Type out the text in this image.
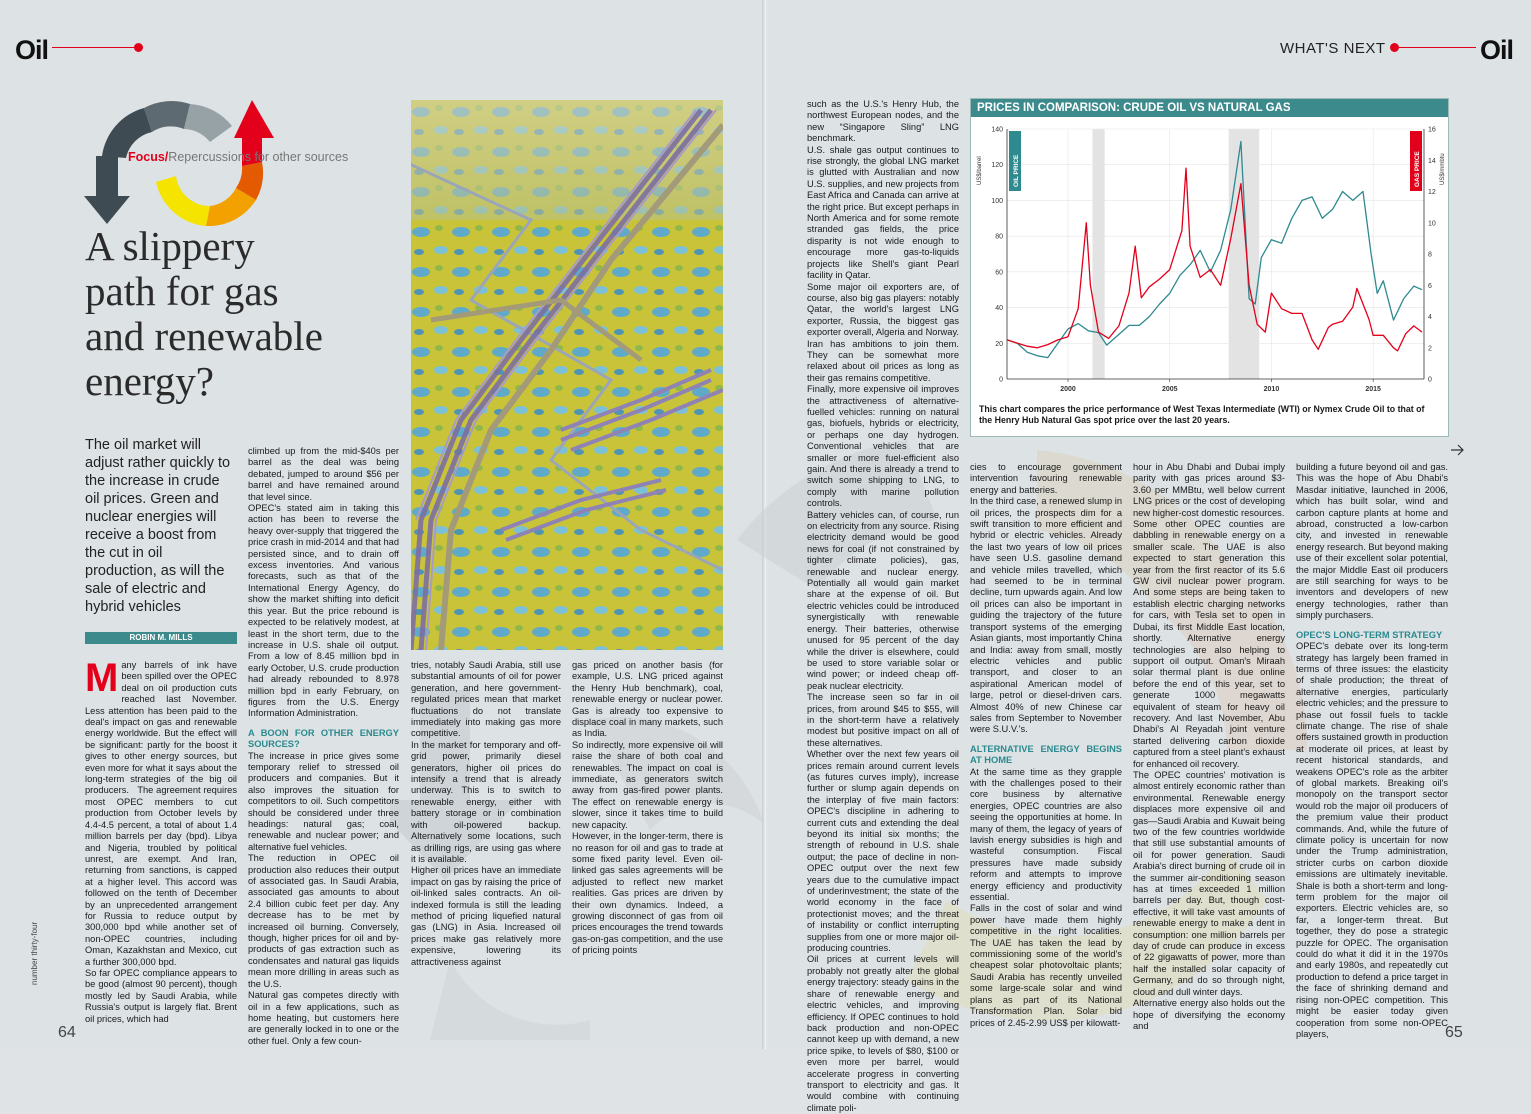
Oil
Focus/Repercussions for other sources
A slippery path for gas and renewable energy?

The oil market will adjust rather quickly to the increase in crude oil prices. Green and nuclear energies will receive a boost from the cut in oil production, as will the sale of electric and hybrid vehicles

ROBIN M. MILLS
M any barrels of ink have been spilled over the OPEC deal on oil production cuts reached last November. Less attention has been paid to the deal's impact on gas and renewable energy worldwide. But the effect will be significant: partly for the boost it gives to other energy sources, but even more for what it says about the long-term strategies of the big oil producers.   The agreement requires most OPEC members to cut production from October levels by 4.4-4.5 percent, a total of about 1.4 million barrels per day (bpd). Libya and Nigeria, troubled by political unrest, are exempt. And Iran, returning from sanctions, is capped at a higher level. This accord was followed on the tenth of December by an unprecedented arrangement for Russia to reduce output by 300,000 bpd while another set of non-OPEC countries, including Oman, Kazakhstan and Mexico, cut a further 300,000 bpd.

So far OPEC compliance appears to be good (almost 90 percent), though mostly led by Saudi Arabia, while Russia's output is largely flat. Brent oil prices, which had

climbed up from the mid-$40s per barrel as the deal was being debated, jumped to around $56 per barrel and have remained around that level since.

OPEC's stated aim in taking this action has been to reverse the heavy over-supply that triggered the price crash in mid-2014 and that had persisted since, and to drain off excess inventories. And various forecasts, such as that of the International Energy Agency, do show the market shifting into deficit this year. But the price rebound is expected to be relatively modest, at least in the short term, due to the increase in U.S. shale oil output. From a low of 8.45 million bpd in early October, U.S. crude production had already rebounded to 8.978 million bpd in early February, on figures from the U.S. Energy Information Administration.

A BOON FOR OTHER ENERGY SOURCES?

The increase in price gives some temporary relief to stressed oil producers and companies. But it also improves the situation for competitors to oil. Such competitors should be considered under three headings: natural gas; coal, renewable and nuclear power; and alternative fuel vehicles.

The reduction in OPEC oil production also reduces their output of associated gas. In Saudi Arabia, associated gas amounts to about 2.4 billion cubic feet per day. Any decrease has to be met by increased oil burning. Conversely, though, higher prices for oil and by-products of gas extraction such as condensates and natural gas liquids mean more drilling in areas such as the U.S.

Natural gas competes directly with oil in a few applications, such as home heating, but customers here are generally locked in to one or the other fuel. Only a few coun-

tries, notably Saudi Arabia, still use substantial amounts of oil for power generation, and here government-regulated prices mean that market fluctuations do not translate immediately into making gas more competitive.

In the market for temporary and off-grid power, primarily diesel generators, higher oil prices do intensify a trend that is already underway. This is to switch to renewable energy, either with battery storage or in combination with oil-powered backup. Alternatively some locations, such as drilling rigs, are using gas where it is available.

Higher oil prices have an immediate impact on gas by raising the price of oil-linked sales contracts. An oil-indexed formula is still the leading method of pricing liquefied natural gas (LNG) in Asia. Increased oil prices make gas relatively more expensive, lowering its attractiveness against

gas priced on another basis (for example, U.S. LNG priced against the Henry Hub benchmark), coal, renewable energy or nuclear power. Gas is already too expensive to displace coal in many markets, such as India.

So indirectly, more expensive oil will raise the share of both coal and renewables. The impact on coal is immediate, as generators switch away from gas-fired power plants. The effect on renewable energy is slower, since it takes time to build new capacity.

However, in the longer-term, there is no reason for oil and gas to trade at some fixed parity level. Even oil-linked gas sales agreements will be adjusted to reflect new market realities. Gas prices are driven by their own dynamics. Indeed, a growing disconnect of gas from oil prices encourages the trend towards gas-on-gas competition, and the use of pricing points

number thirty-four
64
WHAT'S NEXT	Oil

such as the U.S.'s Henry Hub, the northwest European nodes, and the new “Singapore Sling” LNG benchmark.

U.S. shale gas output continues to rise strongly, the global LNG market is glutted with Australian and now U.S. supplies, and new projects from East Africa and Canada can arrive at the right price. But except perhaps in North America and for some remote stranded gas fields, the price disparity is not wide enough to encourage more gas-to-liquids projects like Shell's giant Pearl facility in Qatar.

Some major oil exporters are, of course, also big gas players: notably Qatar, the world's largest LNG exporter, Russia, the biggest gas exporter overall, Algeria and Norway. Iran has ambitions to join them. They can be somewhat more relaxed about oil prices as long as their gas remains competitive.

Finally, more expensive oil improves the attractiveness of alternative-fuelled vehicles: running on natural gas, biofuels, hybrids or electricity, or perhaps one day hydrogen. Conventional vehicles that are smaller or more fuel-efficient also gain. And there is already a trend to switch some shipping to LNG, to comply with marine pollution controls.

Battery vehicles can, of course, run on electricity from any source. Rising electricity demand would be good news for coal (if not constrained by tighter climate policies), gas, renewable and nuclear energy. Potentially all would gain market share at the expense of oil. But electric vehicles could be introduced synergistically with renewable energy. Their batteries, otherwise unused for 95 percent of the day while the driver is elsewhere, could be used to store variable solar or wind power; or indeed cheap off-peak nuclear electricity.

The increase seen so far in oil prices, from around $45 to $55, will in the short-term have a relatively modest but positive impact on all of these alternatives.

Whether over the next few years oil prices remain around current levels (as futures curves imply), increase further or slump again depends on the interplay of five main factors: OPEC's discipline in adhering to current cuts and extending the deal beyond its initial six months; the strength of rebound in U.S. shale output; the pace of decline in non-OPEC output over the next few years due to the cumulative impact of underinvestment; the state of the world economy in the face of protectionist moves; and the threat of instability or conflict interrupting supplies from one or more major oil-producing countries.

Oil prices at current levels will probably not greatly alter the global energy trajectory: steady gains in the share of renewable energy and electric vehicles, and improving efficiency. If OPEC continues to hold back production and non-OPEC cannot keep up with demand, a new price spike, to levels of $80, $100 or even more per barrel, would accelerate progress in converting transport to electricity and gas. It would combine with continuing climate poli-

cies to encourage government intervention favouring renewable energy and batteries.

In the third case, a renewed slump in oil prices, the prospects dim for a swift transition to more efficient and hybrid or electric vehicles. Already the last two years of low oil prices have seen U.S. gasoline demand and vehicle miles travelled, which had seemed to be in terminal decline, turn upwards again. And low oil prices can also be important in guiding the trajectory of the future transport systems of the emerging Asian giants, most importantly China and India: away from small, mostly electric vehicles and public transport, and closer to an aspirational American model of large, petrol or diesel-driven cars. Almost 40% of new Chinese car sales from September to November were S.U.V.'s.

ALTERNATIVE ENERGY BEGINS AT HOME

At the same time as they grapple with the challenges posed to their core business by alternative energies, OPEC countries are also seeing the opportunities at home. In many of them, the legacy of years of lavish energy subsidies is high and wasteful consumption. Fiscal pressures have made subsidy reform and attempts to improve energy efficiency and productivity essential.

Falls in the cost of solar and wind power have made them highly competitive in the right localities. The UAE has taken the lead by commissioning some of the world's cheapest solar photovoltaic plants; Saudi Arabia has recently unveiled some large-scale solar and wind plans as part of its National Transformation Plan. Solar bid prices of 2.45-2.99 US$ per kilowatt-

hour in Abu Dhabi and Dubai imply parity with gas prices around $3-3.60 per MMBtu, well below current LNG prices or the cost of developing new higher-cost domestic resources.

Some other OPEC counties are dabbling in renewable energy on a smaller scale. The UAE is also expected to start generation this year from the first reactor of its 5.6 GW civil nuclear power program. And some steps are being taken to establish electric charging networks for cars, with Tesla set to open in Dubai, its first Middle East location, shortly. Alternative energy technologies are also helping to support oil output. Oman's Miraah solar thermal plant is due online before the end of this year, set to generate 1000 megawatts equivalent of steam for heavy oil recovery. And last November, Abu Dhabi's Al Reyadah joint venture started delivering carbon dioxide captured from a steel plant's exhaust for enhanced oil recovery.

The OPEC countries' motivation is almost entirely economic rather than environmental. Renewable energy displaces more expensive oil and gas—Saudi Arabia and Kuwait being two of the few countries worldwide that still use substantial amounts of oil for power generation. Saudi Arabia's direct burning of crude oil in the summer air-conditioning season has at times exceeded 1 million barrels per day. But, though cost-effective, it will take vast amounts of renewable energy to make a dent in consumption: one million barrels per day of crude can produce in excess of 22 gigawatts of power, more than half the installed solar capacity of Germany, and do so through night, cloud and dull winter days.

Alternative energy also holds out the hope of diversifying the economy and

building a future beyond oil and gas. This was the hope of Abu Dhabi's Masdar initiative, launched in 2006, which has built solar, wind and carbon capture plants at home and abroad, constructed a low-carbon city, and invested in renewable energy research. But beyond making use of their excellent solar potential, the major Middle East oil producers are still searching for ways to be inventors and developers of new energy technologies, rather than simply purchasers.

OPEC'S LONG-TERM STRATEGY

OPEC's debate over its long-term strategy has largely been framed in terms of three issues: the elasticity of shale production; the threat of alternative energies, particularly electric vehicles; and the pressure to phase out fossil fuels to tackle climate change. The rise of shale offers sustained growth in production at moderate oil prices, at least by recent historical standards, and weakens OPEC's role as the arbiter of global markets. Breaking oil's monopoly on the transport sector would rob the major oil producers of the premium value their product commands. And, while the future of climate policy is uncertain for now under the Trump administration, stricter curbs on carbon dioxide emissions are ultimately inevitable. Shale is both a short-term and long-term problem for the major oil exporters. Electric vehicles are, so far, a longer-term threat. But together, they do pose a strategic puzzle for OPEC. The organisation could do what it did it in the 1970s and early 1980s, and repeatedly cut production to defend a price target in the face of shrinking demand and rising non-OPEC competition. This might be easier today given cooperation from some non-OPEC players,	65
PRICES IN COMPARISON: CRUDE OIL VS NATURAL GAS
0
20
40
60
80
100
120
140
0
2
4
6
8
10
12
14
16
2000	2005	2010	2015
OIL PRICE
US$/barrel	GAS PRICE	US$/mmbtu
This chart compares the price performance of West Texas Intermediate (WTI) or Nymex Crude Oil to that of the Henry Hub Natural Gas spot price over the last 20 years.
